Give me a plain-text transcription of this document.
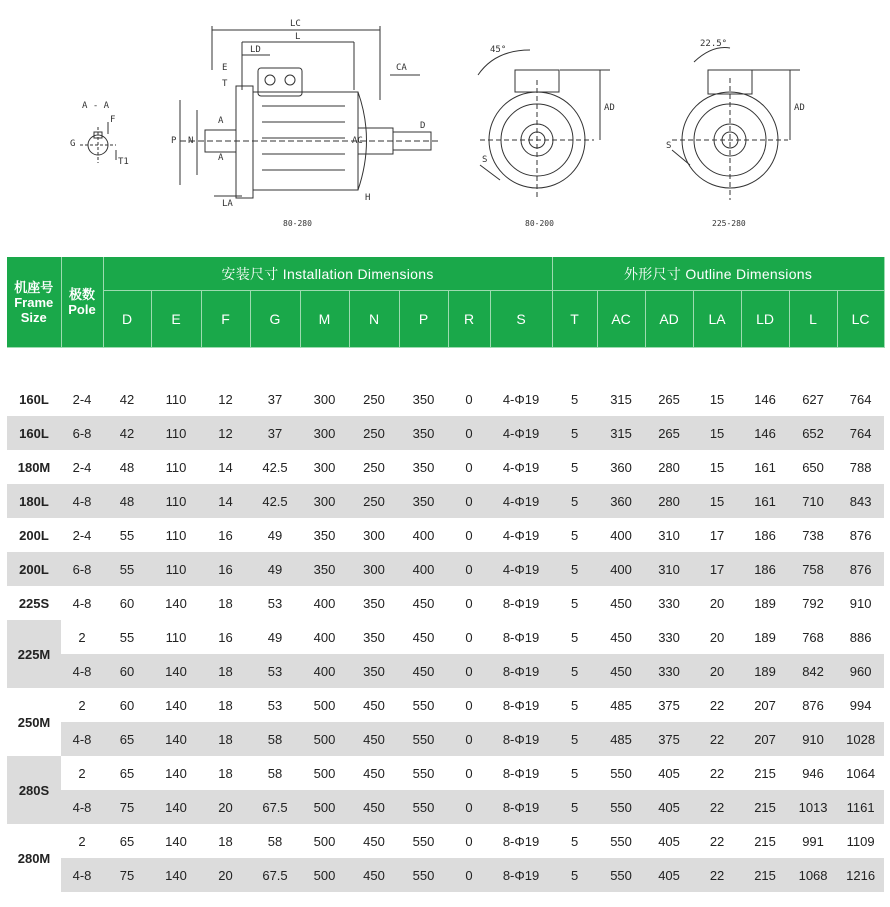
A - A
80-280	80-200	225-280
LC
L
LD
E
T
CA
A
A
N
P	AC
LA
D
H
F
G
T1
45°
22.5°
AD	AD
S
S
机座号
Frame
Size	极数
Pole	安装尺寸 Installation Dimensions									外形尺寸 Outline Dimensions						
		D	E	F	G	M	N	P	R	S	T	AC	AD	LA	LD	L	LC

160L	2-4	42	110	12	37	300	250	350	0	4-Φ19	5	315	265	15	146	627	764
160L	6-8	42	110	12	37	300	250	350	0	4-Φ19	5	315	265	15	146	652	764
180M	2-4	48	110	14	42.5	300	250	350	0	4-Φ19	5	360	280	15	161	650	788
180L	4-8	48	110	14	42.5	300	250	350	0	4-Φ19	5	360	280	15	161	710	843
200L	2-4	55	110	16	49	350	300	400	0	4-Φ19	5	400	310	17	186	738	876
200L	6-8	55	110	16	49	350	300	400	0	4-Φ19	5	400	310	17	186	758	876
225S	4-8	60	140	18	53	400	350	450	0	8-Φ19	5	450	330	20	189	792	910
225M	2	55	110	16	49	400	350	450	0	8-Φ19	5	450	330	20	189	768	886
	4-8	60	140	18	53	400	350	450	0	8-Φ19	5	450	330	20	189	842	960
250M	2	60	140	18	53	500	450	550	0	8-Φ19	5	485	375	22	207	876	994
	4-8	65	140	18	58	500	450	550	0	8-Φ19	5	485	375	22	207	910	1028
280S	2	65	140	18	58	500	450	550	0	8-Φ19	5	550	405	22	215	946	1064
	4-8	75	140	20	67.5	500	450	550	0	8-Φ19	5	550	405	22	215	1013	1161
280M	2	65	140	18	58	500	450	550	0	8-Φ19	5	550	405	22	215	991	1109
	4-8	75	140	20	67.5	500	450	550	0	8-Φ19	5	550	405	22	215	1068	1216
